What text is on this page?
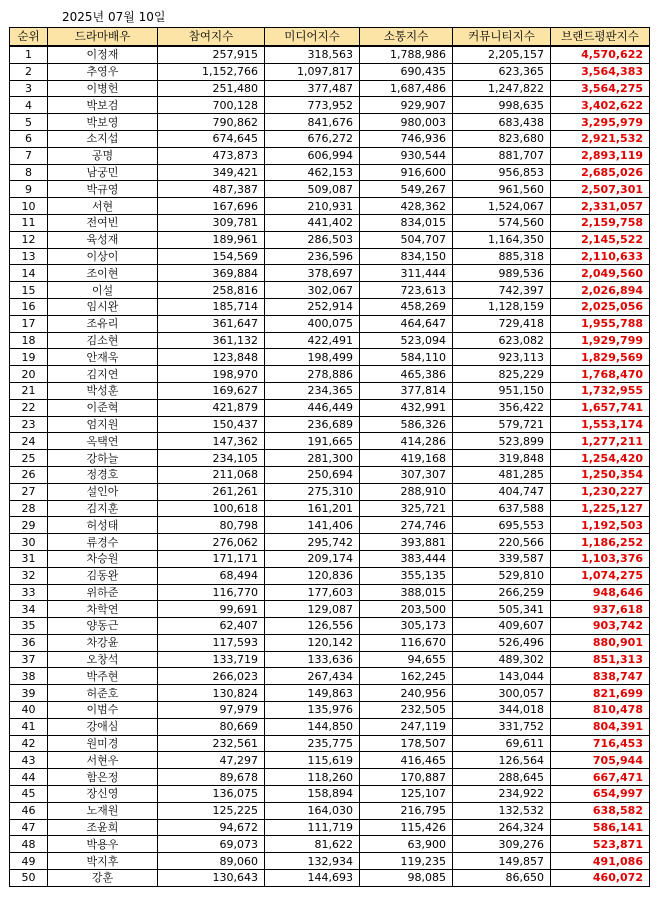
2025년 07월 10일
순위	드라마배우	참여지수	미디어지수	소통지수	커뮤니티지수	브랜드평판지수
1	이정재	257,915	318,563	1,788,986	2,205,157	4,570,622
2	추영우	1,152,766	1,097,817	690,435	623,365	3,564,383
3	이병헌	251,480	377,487	1,687,486	1,247,822	3,564,275
4	박보검	700,128	773,952	929,907	998,635	3,402,622
5	박보영	790,862	841,676	980,003	683,438	3,295,979
6	소지섭	674,645	676,272	746,936	823,680	2,921,532
7	공명	473,873	606,994	930,544	881,707	2,893,119
8	남궁민	349,421	462,153	916,600	956,853	2,685,026
9	박규영	487,387	509,087	549,267	961,560	2,507,301
10	서현	167,696	210,931	428,362	1,524,067	2,331,057
11	전여빈	309,781	441,402	834,015	574,560	2,159,758
12	육성재	189,961	286,503	504,707	1,164,350	2,145,522
13	이상이	154,569	236,596	834,150	885,318	2,110,633
14	조이현	369,884	378,697	311,444	989,536	2,049,560
15	이설	258,816	302,067	723,613	742,397	2,026,894
16	임시완	185,714	252,914	458,269	1,128,159	2,025,056
17	조유리	361,647	400,075	464,647	729,418	1,955,788
18	김소현	361,132	422,491	523,094	623,082	1,929,799
19	안재욱	123,848	198,499	584,110	923,113	1,829,569
20	김지연	198,970	278,886	465,386	825,229	1,768,470
21	박성훈	169,627	234,365	377,814	951,150	1,732,955
22	이준혁	421,879	446,449	432,991	356,422	1,657,741
23	엄지원	150,437	236,689	586,326	579,721	1,553,174
24	옥택연	147,362	191,665	414,286	523,899	1,277,211
25	강하늘	234,105	281,300	419,168	319,848	1,254,420
26	정경호	211,068	250,694	307,307	481,285	1,250,354
27	설인아	261,261	275,310	288,910	404,747	1,230,227
28	김지훈	100,618	161,201	325,721	637,588	1,225,127
29	허성태	80,798	141,406	274,746	695,553	1,192,503
30	류경수	276,062	295,742	393,881	220,566	1,186,252
31	차승원	171,171	209,174	383,444	339,587	1,103,376
32	김동완	68,494	120,836	355,135	529,810	1,074,275
33	위하준	116,770	177,603	388,015	266,259	948,646
34	차학연	99,691	129,087	203,500	505,341	937,618
35	양동근	62,407	126,556	305,173	409,607	903,742
36	차강윤	117,593	120,142	116,670	526,496	880,901
37	오창석	133,719	133,636	94,655	489,302	851,313
38	박주현	266,023	267,434	162,245	143,044	838,747
39	허준호	130,824	149,863	240,956	300,057	821,699
40	이범수	97,979	135,976	232,505	344,018	810,478
41	강애심	80,669	144,850	247,119	331,752	804,391
42	원미경	232,561	235,775	178,507	69,611	716,453
43	서현우	47,297	115,619	416,465	126,564	705,944
44	함은정	89,678	118,260	170,887	288,645	667,471
45	장신영	136,075	158,894	125,107	234,922	654,997
46	노재원	125,225	164,030	216,795	132,532	638,582
47	조윤희	94,672	111,719	115,426	264,324	586,141
48	박용우	69,073	81,622	63,900	309,276	523,871
49	박지후	89,060	132,934	119,235	149,857	491,086
50	강훈	130,643	144,693	98,085	86,650	460,072
